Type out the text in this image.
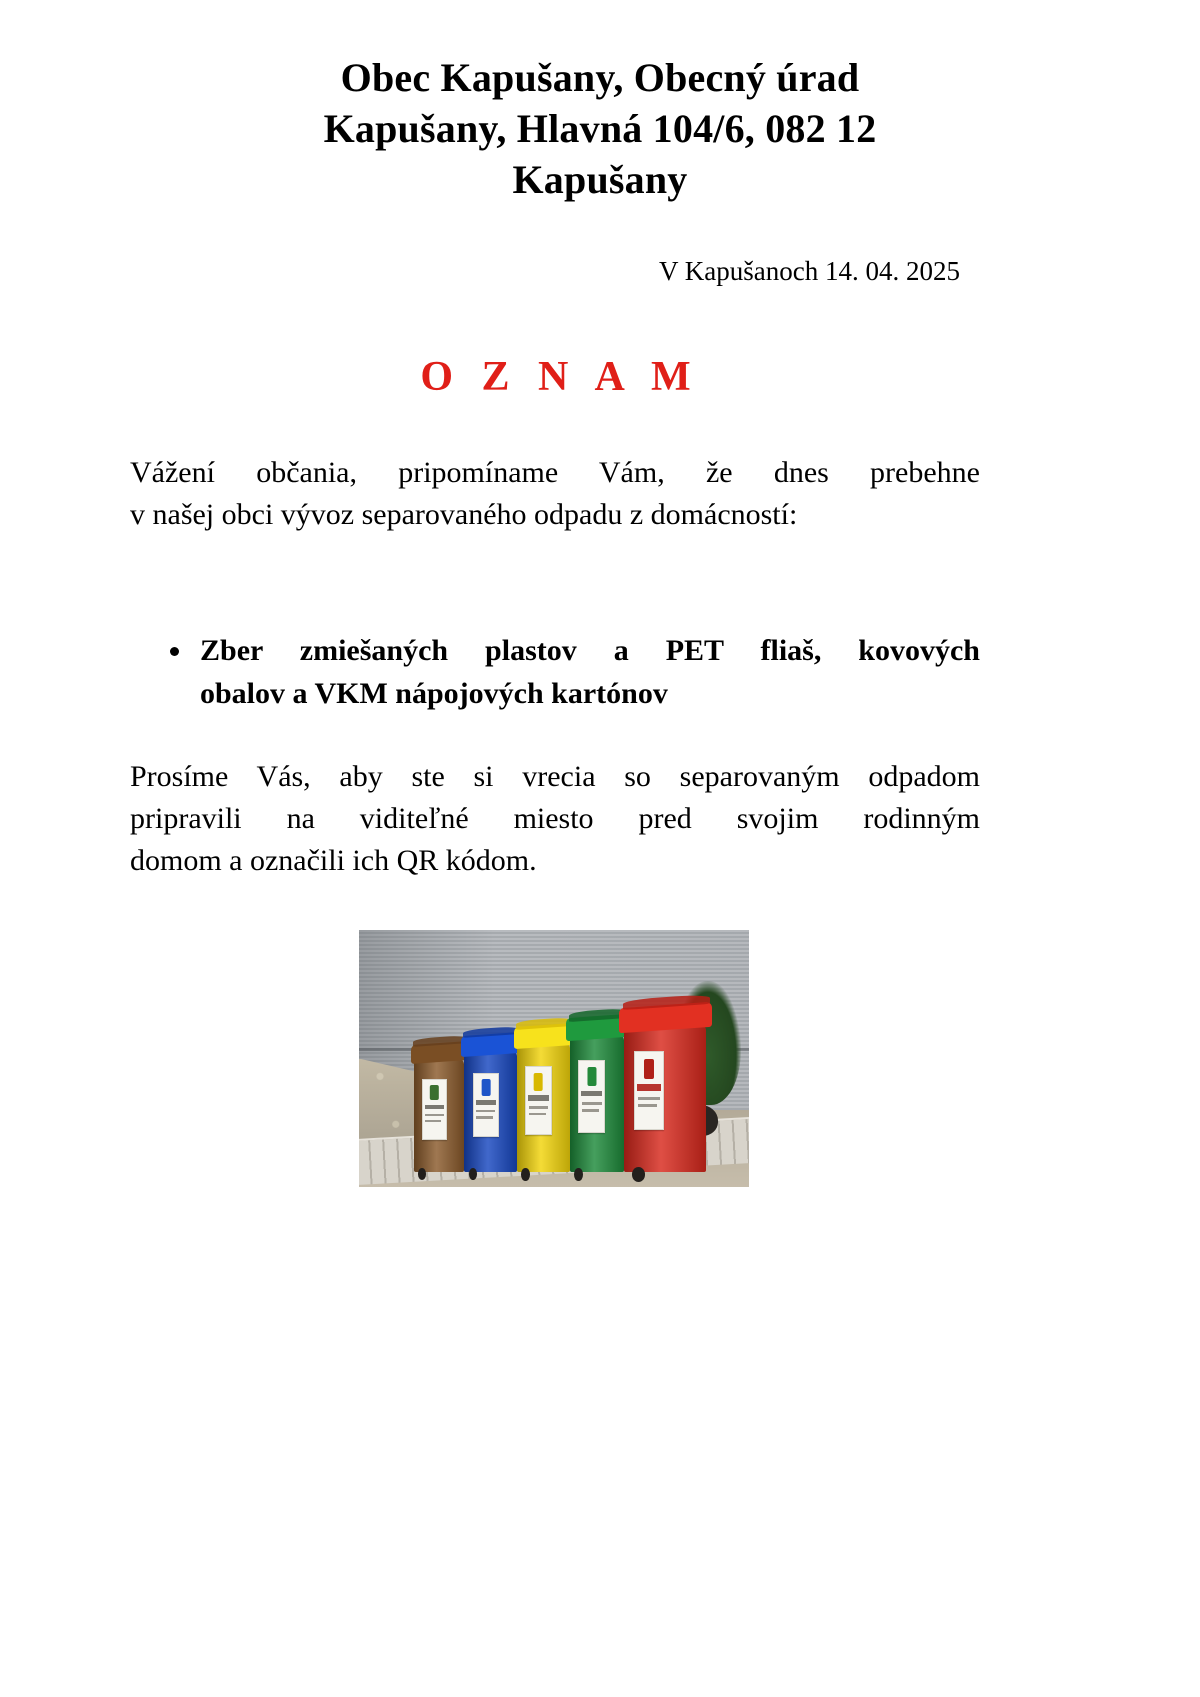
Obec Kapušany, Obecný úrad
Kapušany, Hlavná 104/6, 082 12
Kapušany
V Kapušanoch 14. 04. 2025
O Z N A M
Vážení občania, pripomíname Vám, že dnes prebehne
v našej obci vývoz separovaného odpadu z domácností:
Zber zmiešaných plastov a PET fliaš, kovových
obalov a VKM nápojových kartónov
Prosíme Vás, aby ste si vrecia so separovaným odpadom
pripravili na viditeľné miesto pred svojim rodinným
domom a označili ich QR kódom.
